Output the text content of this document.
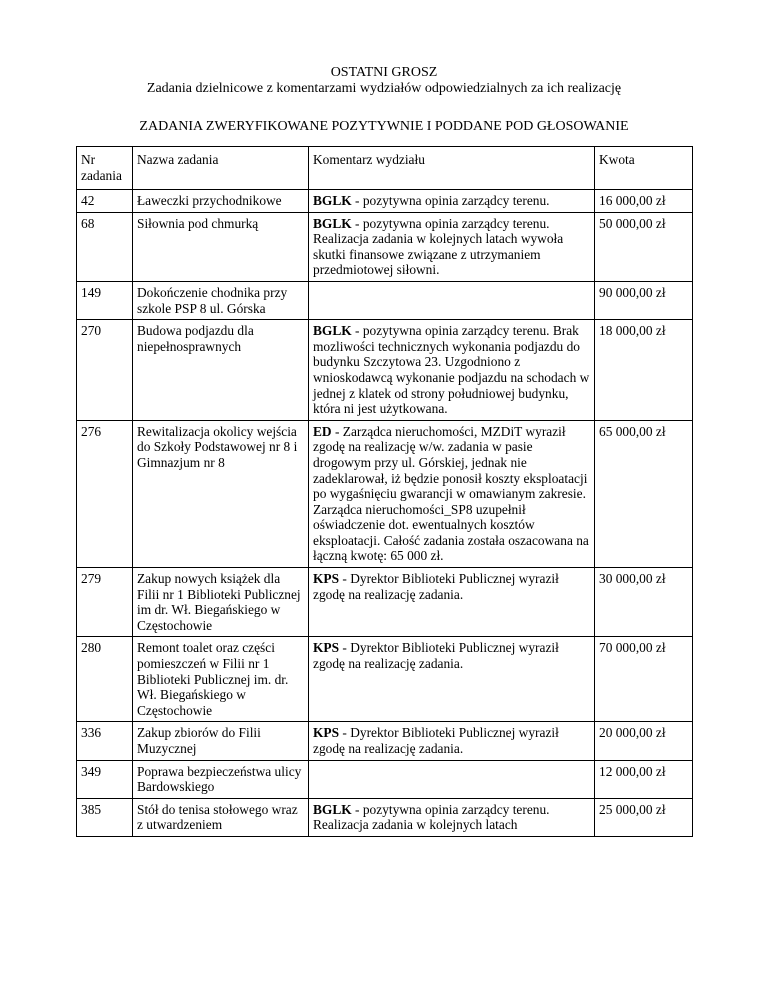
OSTATNI GROSZ
Zadania dzielnicowe z komentarzami wydziałów odpowiedzialnych za ich realizację
ZADANIA ZWERYFIKOWANE POZYTYWNIE I PODDANE POD GŁOSOWANIE
Nr zadania	Nazwa zadania	Komentarz wydziału	Kwota
42	Ławeczki przychodnikowe	BGLK - pozytywna opinia zarządcy terenu.	16 000,00 zł
68	Siłownia pod chmurką	BGLK - pozytywna opinia zarządcy terenu. Realizacja zadania w kolejnych latach wywoła skutki finansowe związane z utrzymaniem przedmiotowej siłowni.	50 000,00 zł
149	Dokończenie chodnika przy szkole PSP 8 ul. Górska		90 000,00 zł
270	Budowa podjazdu dla niepełnosprawnych	BGLK - pozytywna opinia zarządcy terenu. Brak mozliwości technicznych wykonania podjazdu do budynku Szczytowa 23. Uzgodniono z wnioskodawcą wykonanie podjazdu na schodach w jednej z klatek od strony południowej budynku, która ni jest użytkowana.	18 000,00 zł
276	Rewitalizacja okolicy wejścia do Szkoły Podstawowej nr 8 i Gimnazjum nr 8	ED - Zarządca nieruchomości, MZDiT wyraził zgodę na realizację w/w. zadania w pasie drogowym przy ul. Górskiej, jednak nie zadeklarował, iż będzie ponosił koszty eksploatacji po wygaśnięciu gwarancji w omawianym zakresie. Zarządca nieruchomości_SP8 uzupełnił oświadczenie dot. ewentualnych kosztów eksploatacji. Całość zadania została oszacowana na łączną kwotę: 65 000 zł.	65 000,00 zł
279	Zakup nowych książek dla Filii nr 1 Biblioteki Publicznej im dr. Wł. Biegańskiego w Częstochowie	KPS - Dyrektor Biblioteki Publicznej wyraził zgodę na realizację zadania.	30 000,00 zł
280	Remont toalet oraz części pomieszczeń w Filii nr 1 Biblioteki Publicznej im. dr. Wł. Biegańskiego w Częstochowie	KPS - Dyrektor Biblioteki Publicznej wyraził zgodę na realizację zadania.	70 000,00 zł
336	Zakup zbiorów do Filii Muzycznej	KPS - Dyrektor Biblioteki Publicznej wyraził zgodę na realizację zadania.	20 000,00 zł
349	Poprawa bezpieczeństwa ulicy Bardowskiego		12 000,00 zł
385	Stół do tenisa stołowego wraz z utwardzeniem	BGLK - pozytywna opinia zarządcy terenu. Realizacja zadania w kolejnych latach	25 000,00 zł
